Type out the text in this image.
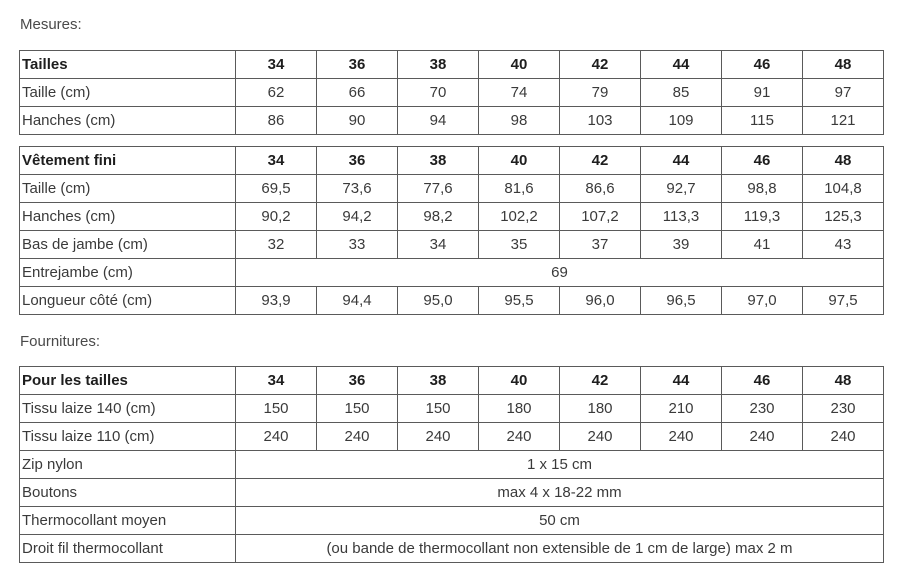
Mesures:
Tailles	34	36	38	40	42	44	46	48
Taille (cm)	62	66	70	74	79	85	91	97
Hanches (cm)	86	90	94	98	103	109	115	121
Vêtement fini	34	36	38	40	42	44	46	48
Taille (cm)	69,5	73,6	77,6	81,6	86,6	92,7	98,8	104,8
Hanches (cm)	90,2	94,2	98,2	102,2	107,2	113,3	119,3	125,3
Bas de jambe (cm)	32	33	34	35	37	39	41	43
Entrejambe (cm)	69							
Longueur côté (cm)	93,9	94,4	95,0	95,5	96,0	96,5	97,0	97,5
Fournitures:
Pour les tailles	34	36	38	40	42	44	46	48
Tissu laize 140 (cm)	150	150	150	180	180	210	230	230
Tissu laize 110 (cm)	240	240	240	240	240	240	240	240
Zip nylon	1 x 15 cm							
Boutons	max 4 x 18-22 mm							
Thermocollant moyen	50 cm							
Droit fil thermocollant	(ou bande de thermocollant non extensible de 1 cm de large) max 2 m							
